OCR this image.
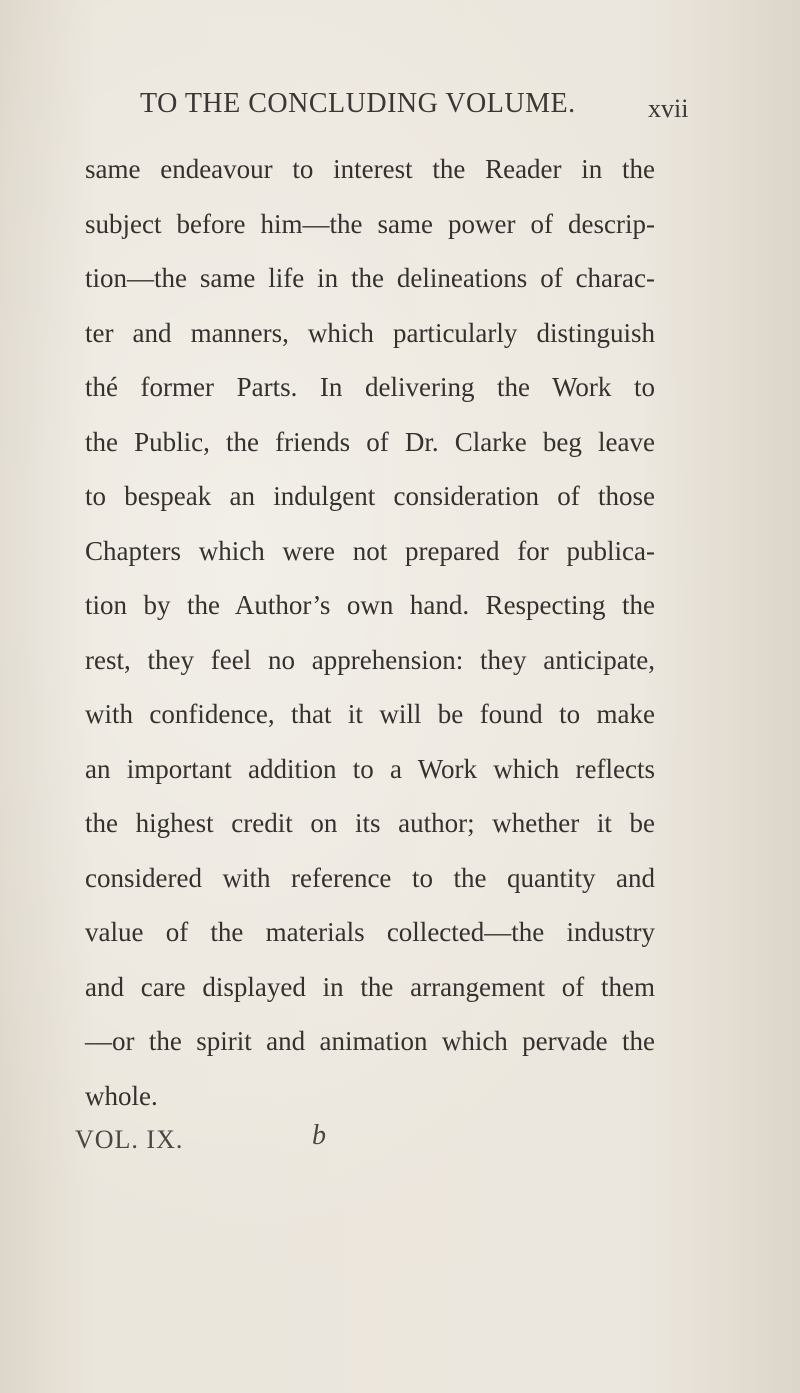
TO THE CONCLUDING VOLUME.	xvii
same endeavour to interest the Reader in the
subject before him—the same power of descrip-
tion—the same life in the delineations of charac-
ter and manners, which particularly distinguish
thé former Parts. In delivering the Work to
the Public, the friends of Dr. Clarke beg leave
to bespeak an indulgent consideration of those
Chapters which were not prepared for publica-
tion by the Author’s own hand. Respecting the
rest, they feel no apprehension: they anticipate,
with confidence, that it will be found to make
an important addition to a Work which reflects
the highest credit on its author; whether it be
considered with reference to the quantity and
value of the materials collected—the industry
and care displayed in the arrangement of them
—or the spirit and animation which pervade the
whole.
VOL. IX.	b
